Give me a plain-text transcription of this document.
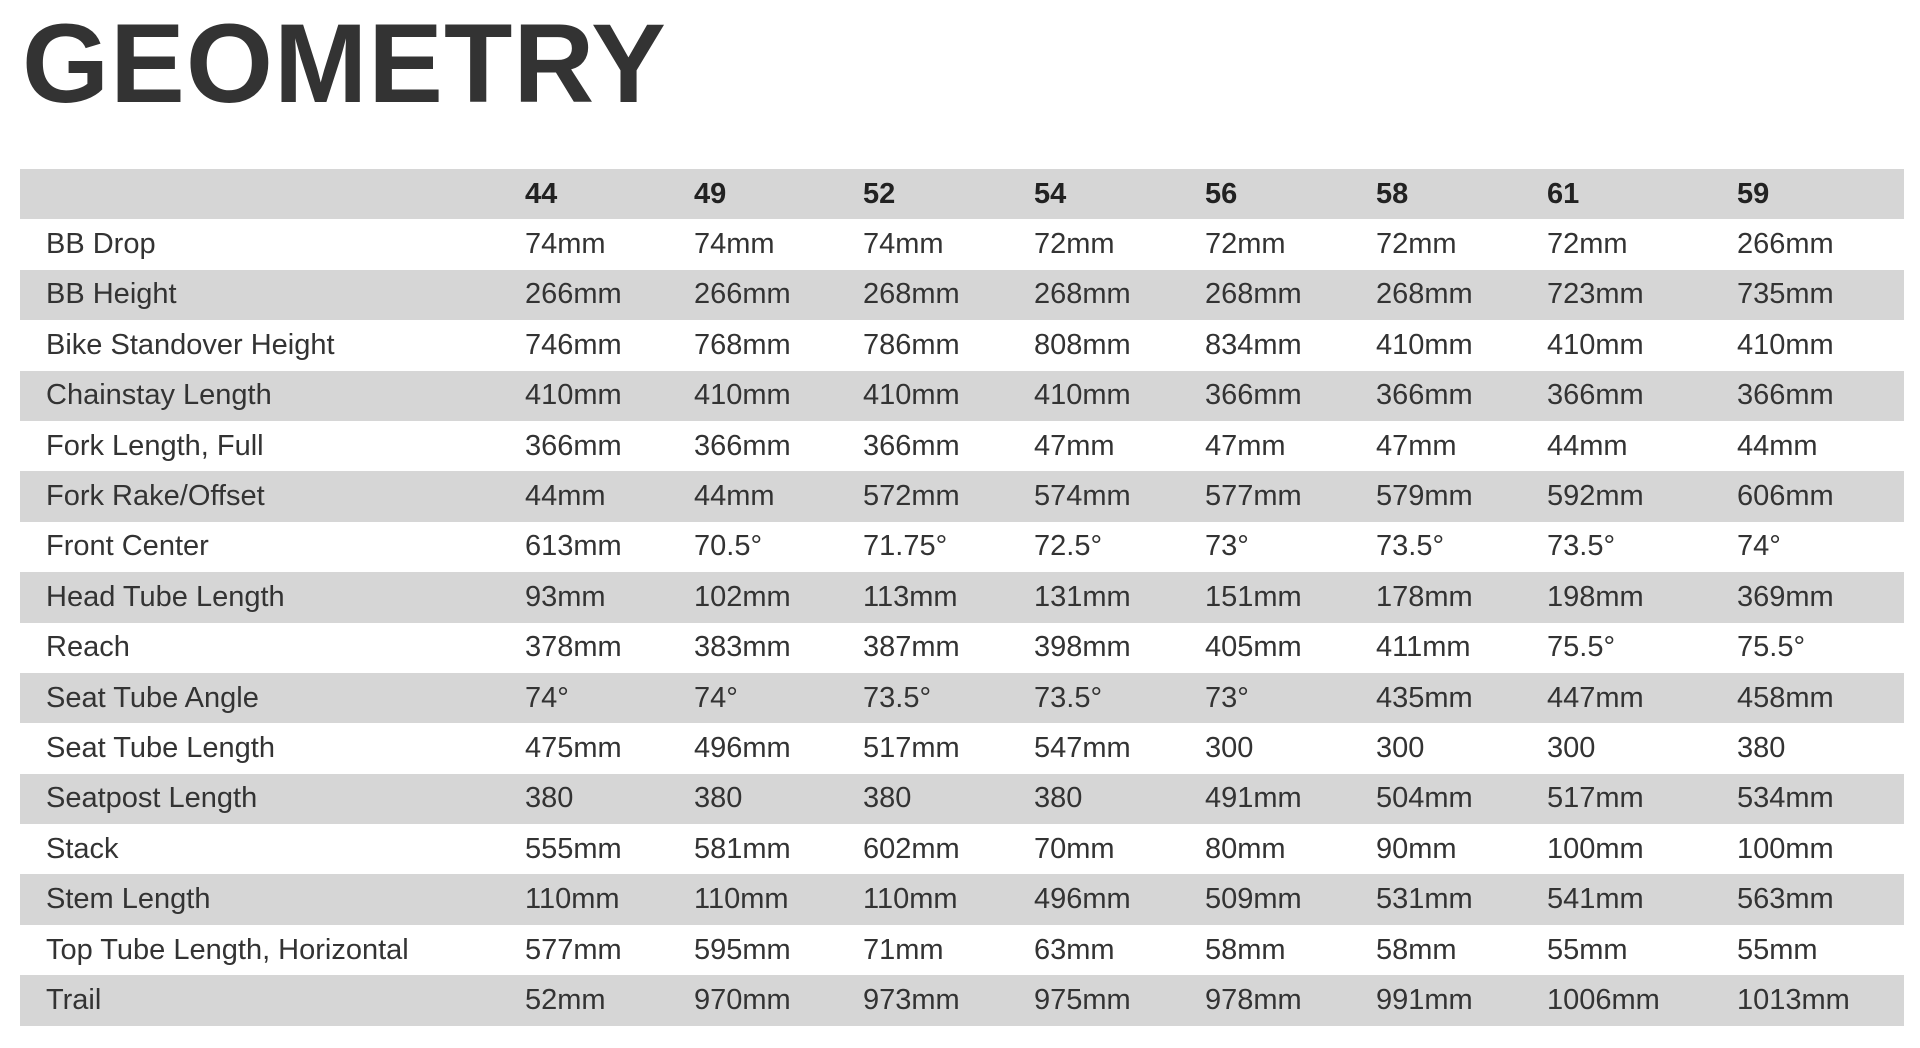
GEOMETRY
	44	49	52	54	56	58	61	59
BB Drop	74mm	74mm	74mm	72mm	72mm	72mm	72mm	266mm
BB Height	266mm	266mm	268mm	268mm	268mm	268mm	723mm	735mm
Bike Standover Height	746mm	768mm	786mm	808mm	834mm	410mm	410mm	410mm
Chainstay Length	410mm	410mm	410mm	410mm	366mm	366mm	366mm	366mm
Fork Length, Full	366mm	366mm	366mm	47mm	47mm	47mm	44mm	44mm
Fork Rake/Offset	44mm	44mm	572mm	574mm	577mm	579mm	592mm	606mm
Front Center	613mm	70.5°	71.75°	72.5°	73°	73.5°	73.5°	74°
Head Tube Length	93mm	102mm	113mm	131mm	151mm	178mm	198mm	369mm
Reach	378mm	383mm	387mm	398mm	405mm	411mm	75.5°	75.5°
Seat Tube Angle	74°	74°	73.5°	73.5°	73°	435mm	447mm	458mm
Seat Tube Length	475mm	496mm	517mm	547mm	300	300	300	380
Seatpost Length	380	380	380	380	491mm	504mm	517mm	534mm
Stack	555mm	581mm	602mm	70mm	80mm	90mm	100mm	100mm
Stem Length	110mm	110mm	110mm	496mm	509mm	531mm	541mm	563mm
Top Tube Length, Horizontal	577mm	595mm	71mm	63mm	58mm	58mm	55mm	55mm
Trail	52mm	970mm	973mm	975mm	978mm	991mm	1006mm	1013mm
